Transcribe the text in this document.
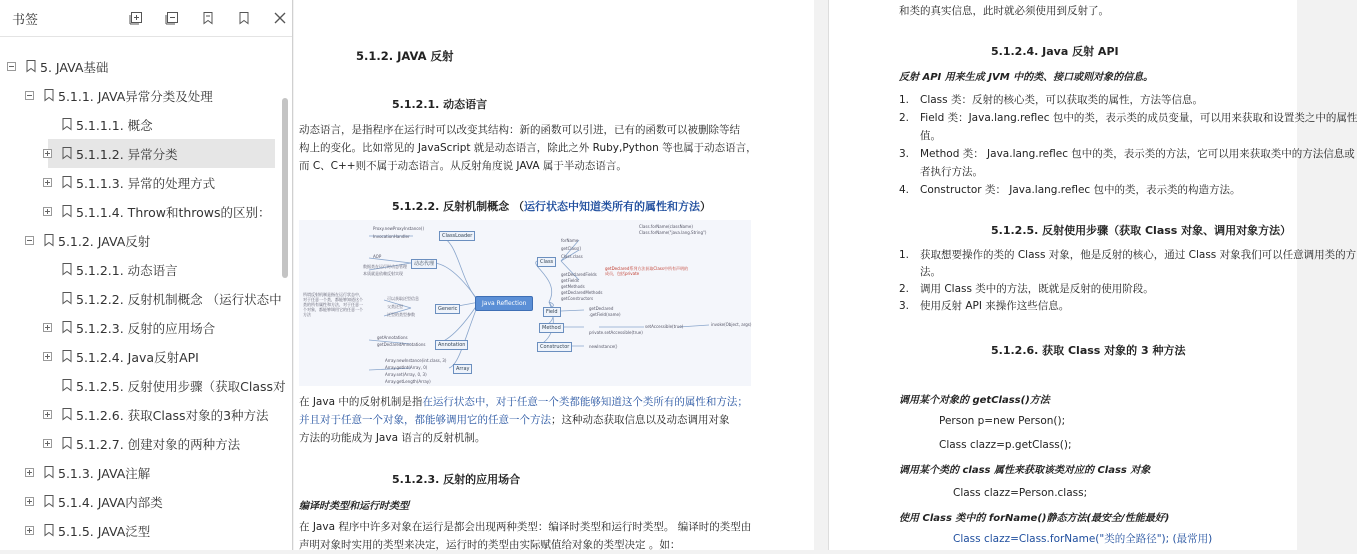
书签
5. JAVA基础
5.1.1. JAVA异常分类及处理
5.1.1.1. 概念
5.1.1.2. 异常分类
5.1.1.3. 异常的处理方式
5.1.1.4. Throw和throws的区别：
5.1.2. JAVA反射
5.1.2.1. 动态语言
5.1.2.2. 反射机制概念 （运行状态中
5.1.2.3. 反射的应用场合
5.1.2.4. Java反射API
5.1.2.5. 反射使用步骤（获取Class对
5.1.2.6. 获取Class对象的3种方法
5.1.2.7. 创建对象的两种方法
5.1.3. JAVA注解
5.1.4. JAVA内部类
5.1.5. JAVA泛型
5.1.2. JAVA 反射
5.1.2.1. 动态语言
动态语言，是指程序在运行时可以改变其结构：新的函数可以引进，已有的函数可以被删除等结
构上的变化。比如常见的 JavaScript 就是动态语言，除此之外 Ruby,Python 等也属于动态语言，
而 C、C++则不属于动态语言。从反射角度说 JAVA 属于半动态语言。
5.1.2.2. 反射机制概念 （运行状态中知道类所有的属性和方法）
Java Reflection
ClassLoader
动态代理
Generic
Annotation
Array
Class
Field
Method
Constructor
Proxy.newProxyInstance()
InvocationHandler
AOP
数据类在运行时动态管理
本质就是依赖反射实现
可以获取泛型信息
父类泛型
泛型的类型参数
getAnnotations
getDeclaredAnnotations
Array.newInstance(int.class, 3)
Array.getInt(Array, 0)
Array.set(Array, 0, 3)
Array.getLength(Array)
所谓反射机制是指在运行状态中，对于任意一个类，都能够知道这个类的所有属性和方法，对于任意一个对象，都能够调用它的任意一个方法
forName
getClass()
Class.class
getDeclaredFields
getFields
getMethods
getDeclaredMethods
getConstructors
Class.forName(className)
Class.forName("java.lang.String")
getDeclared
.getField(name)
setAccessible(true)	invoke(Object, args)
newInstance()
getDeclared系列方法获取Class中所有声明的成员，包括private
private.setAccessible(true)
在 Java 中的反射机制是指在运行状态中，对于任意一个类都能够知道这个类所有的属性和方法；
并且对于任意一个对象，都能够调用它的任意一个方法；这种动态获取信息以及动态调用对象
方法的功能成为 Java 语言的反射机制。
5.1.2.3. 反射的应用场合
编译时类型和运行时类型
在 Java 程序中许多对象在运行是都会出现两种类型：编译时类型和运行时类型。 编译时的类型由
声明对象时实用的类型来决定，运行时的类型由实际赋值给对象的类型决定 。如：
和类的真实信息，此时就必须使用到反射了。
5.1.2.4. Java 反射 API
反射 API 用来生成 JVM 中的类、接口或则对象的信息。
1. Class 类：反射的核心类，可以获取类的属性，方法等信息。
2. Field 类：Java.lang.reflec 包中的类，表示类的成员变量，可以用来获取和设置类之中的属性
值。
3. Method 类： Java.lang.reflec 包中的类，表示类的方法，它可以用来获取类中的方法信息或
者执行方法。
4. Constructor 类： Java.lang.reflec 包中的类，表示类的构造方法。
5.1.2.5. 反射使用步骤（获取 Class 对象、调用对象方法）
1. 获取想要操作的类的 Class 对象，他是反射的核心，通过 Class 对象我们可以任意调用类的方
法。
2. 调用 Class 类中的方法，既就是反射的使用阶段。
3. 使用反射 API 来操作这些信息。
5.1.2.6. 获取 Class 对象的 3 种方法
调用某个对象的 getClass()方法
Person p=new Person();
Class clazz=p.getClass();
调用某个类的 class 属性来获取该类对应的 Class 对象
Class clazz=Person.class;
使用 Class 类中的 forName()静态方法(最安全/性能最好)
Class clazz=Class.forName("类的全路径"); (最常用)
